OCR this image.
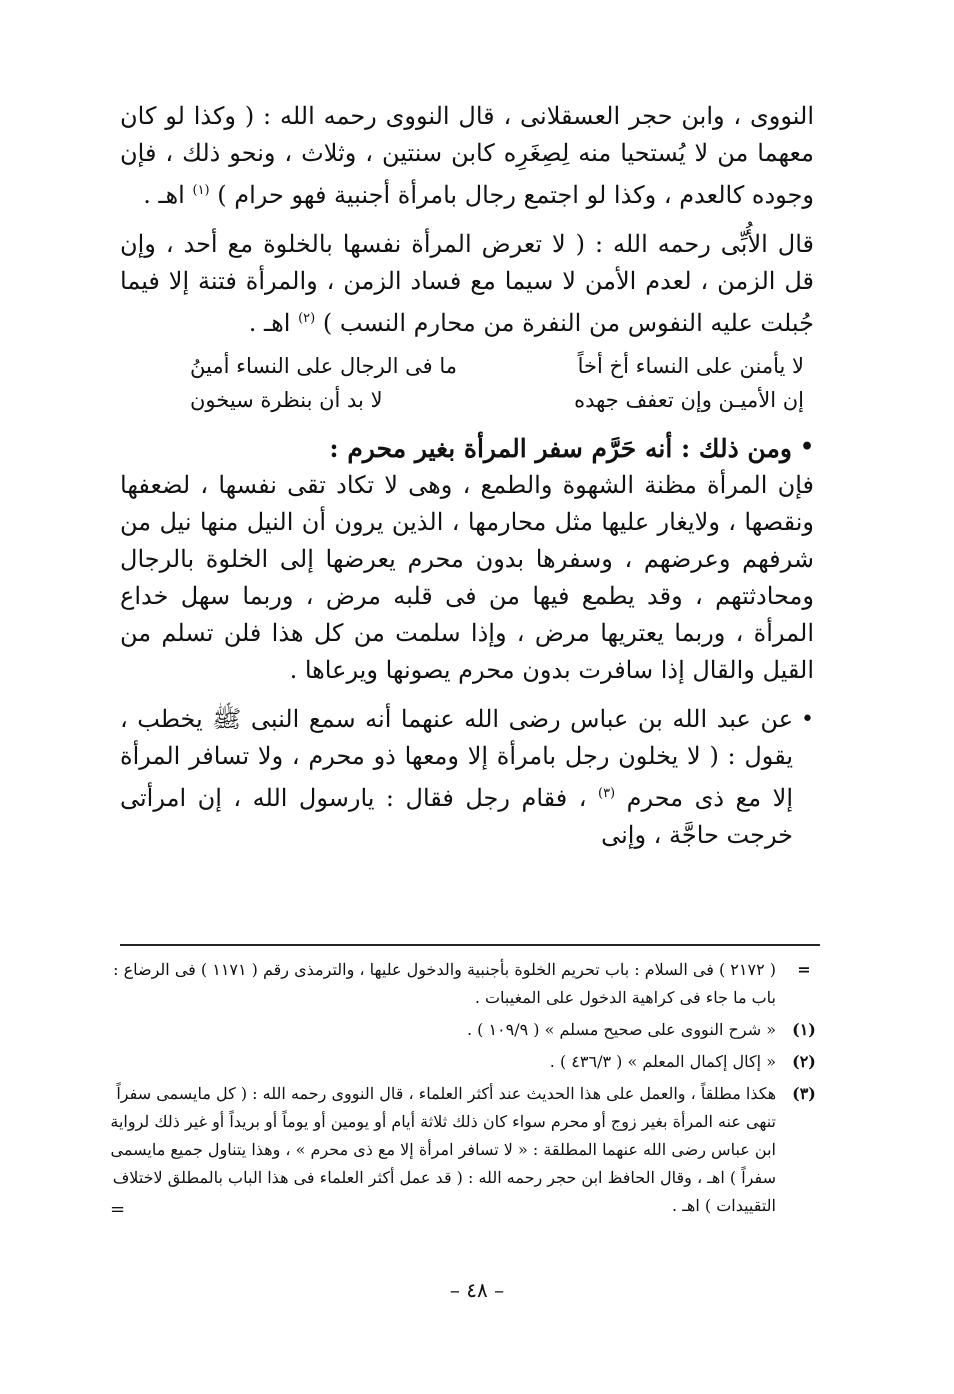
النووى ، وابن حجر العسقلانى ، قال النووى رحمه الله : ( وكذا لو كان معهما من لا يُستحيا منه لِصِغَرِه كابن سنتين ، وثلاث ، ونحو ذلك ، فإن وجوده كالعدم ، وكذا لو اجتمع رجال بامرأة أجنبية فهو حرام ) $^{(١)}$ اهـ .

قال الأُبِّى رحمه الله : ( لا تعرض المرأة نفسها بالخلوة مع أحد ، وإن قل الزمن ، لعدم الأمن لا سيما مع فساد الزمن ، والمرأة فتنة إلا فيما جُبلت عليه النفوس من النفرة من محارم النسب ) $^{(٢)}$ اهـ .

لا يأمنن على النساء أخ أخاً
ما فى الرجال على النساء أمينُ
إن الأميـن وإن تعفف جهده
لا بد أن بنظرة سيخون
•
ومن ذلك : أنه حَرَّم سفر المرأة بغير محرم :

فإن المرأة مظنة الشهوة والطمع ، وهى لا تكاد تقى نفسها ، لضعفها ونقصها ، ولايغار عليها مثل محارمها ، الذين يرون أن النيل منها نيل من شرفهم وعرضهم ، وسفرها بدون محرم يعرضها إلى الخلوة بالرجال ومحادثتهم ، وقد يطمع فيها من فى قلبه مرض ، وربما سهل خداع المرأة ، وربما يعتريها مرض ، وإذا سلمت من كل هذا فلن تسلم من القيل والقال إذا سافرت بدون محرم يصونها ويرعاها .

•
عن عبد الله بن عباس رضى الله عنهما أنه سمع النبى ﷺ يخطب ، يقول : ( لا يخلون رجل بامرأة إلا ومعها ذو محرم ، ولا تسافر المرأة إلا مع ذى محرم $^{(٣)}$ ، فقام رجل فقال : يارسول الله ، إن امرأتى خرجت حاجَّة ، وإنى

=
( ٢١٧٢ ) فى السلام : باب تحريم الخلوة بأجنبية والدخول عليها ، والترمذى رقم ( ١١٧١ ) فى الرضاع : باب ما جاء فى كراهية الدخول على المغيبات .
(١)
« شرح النووى على صحيح مسلم » ( ١٠٩/٩ ) .
(٢)
« إكال إكمال المعلم » ( ٤٣٦/٣ ) .
(٣)
هكذا مطلقاً ، والعمل على هذا الحديث عند أكثر العلماء ، قال النووى رحمه الله : ( كل مايسمى سفراً تنهى عنه المرأة بغير زوج أو محرم سواء كان ذلك ثلاثة أيام أو يومين أو يوماً أو بريداً أو غير ذلك لرواية ابن عباس رضى الله عنهما المطلقة : « لا تسافر امرأة إلا مع ذى محرم » ، وهذا يتناول جميع مايسمى سفراً ) اهـ ، وقال الحافظ ابن حجر رحمه الله : ( قد عمل أكثر العلماء فى هذا الباب بالمطلق لاختلاف التقييدات ) اهـ .
=
– ٤٨ –
